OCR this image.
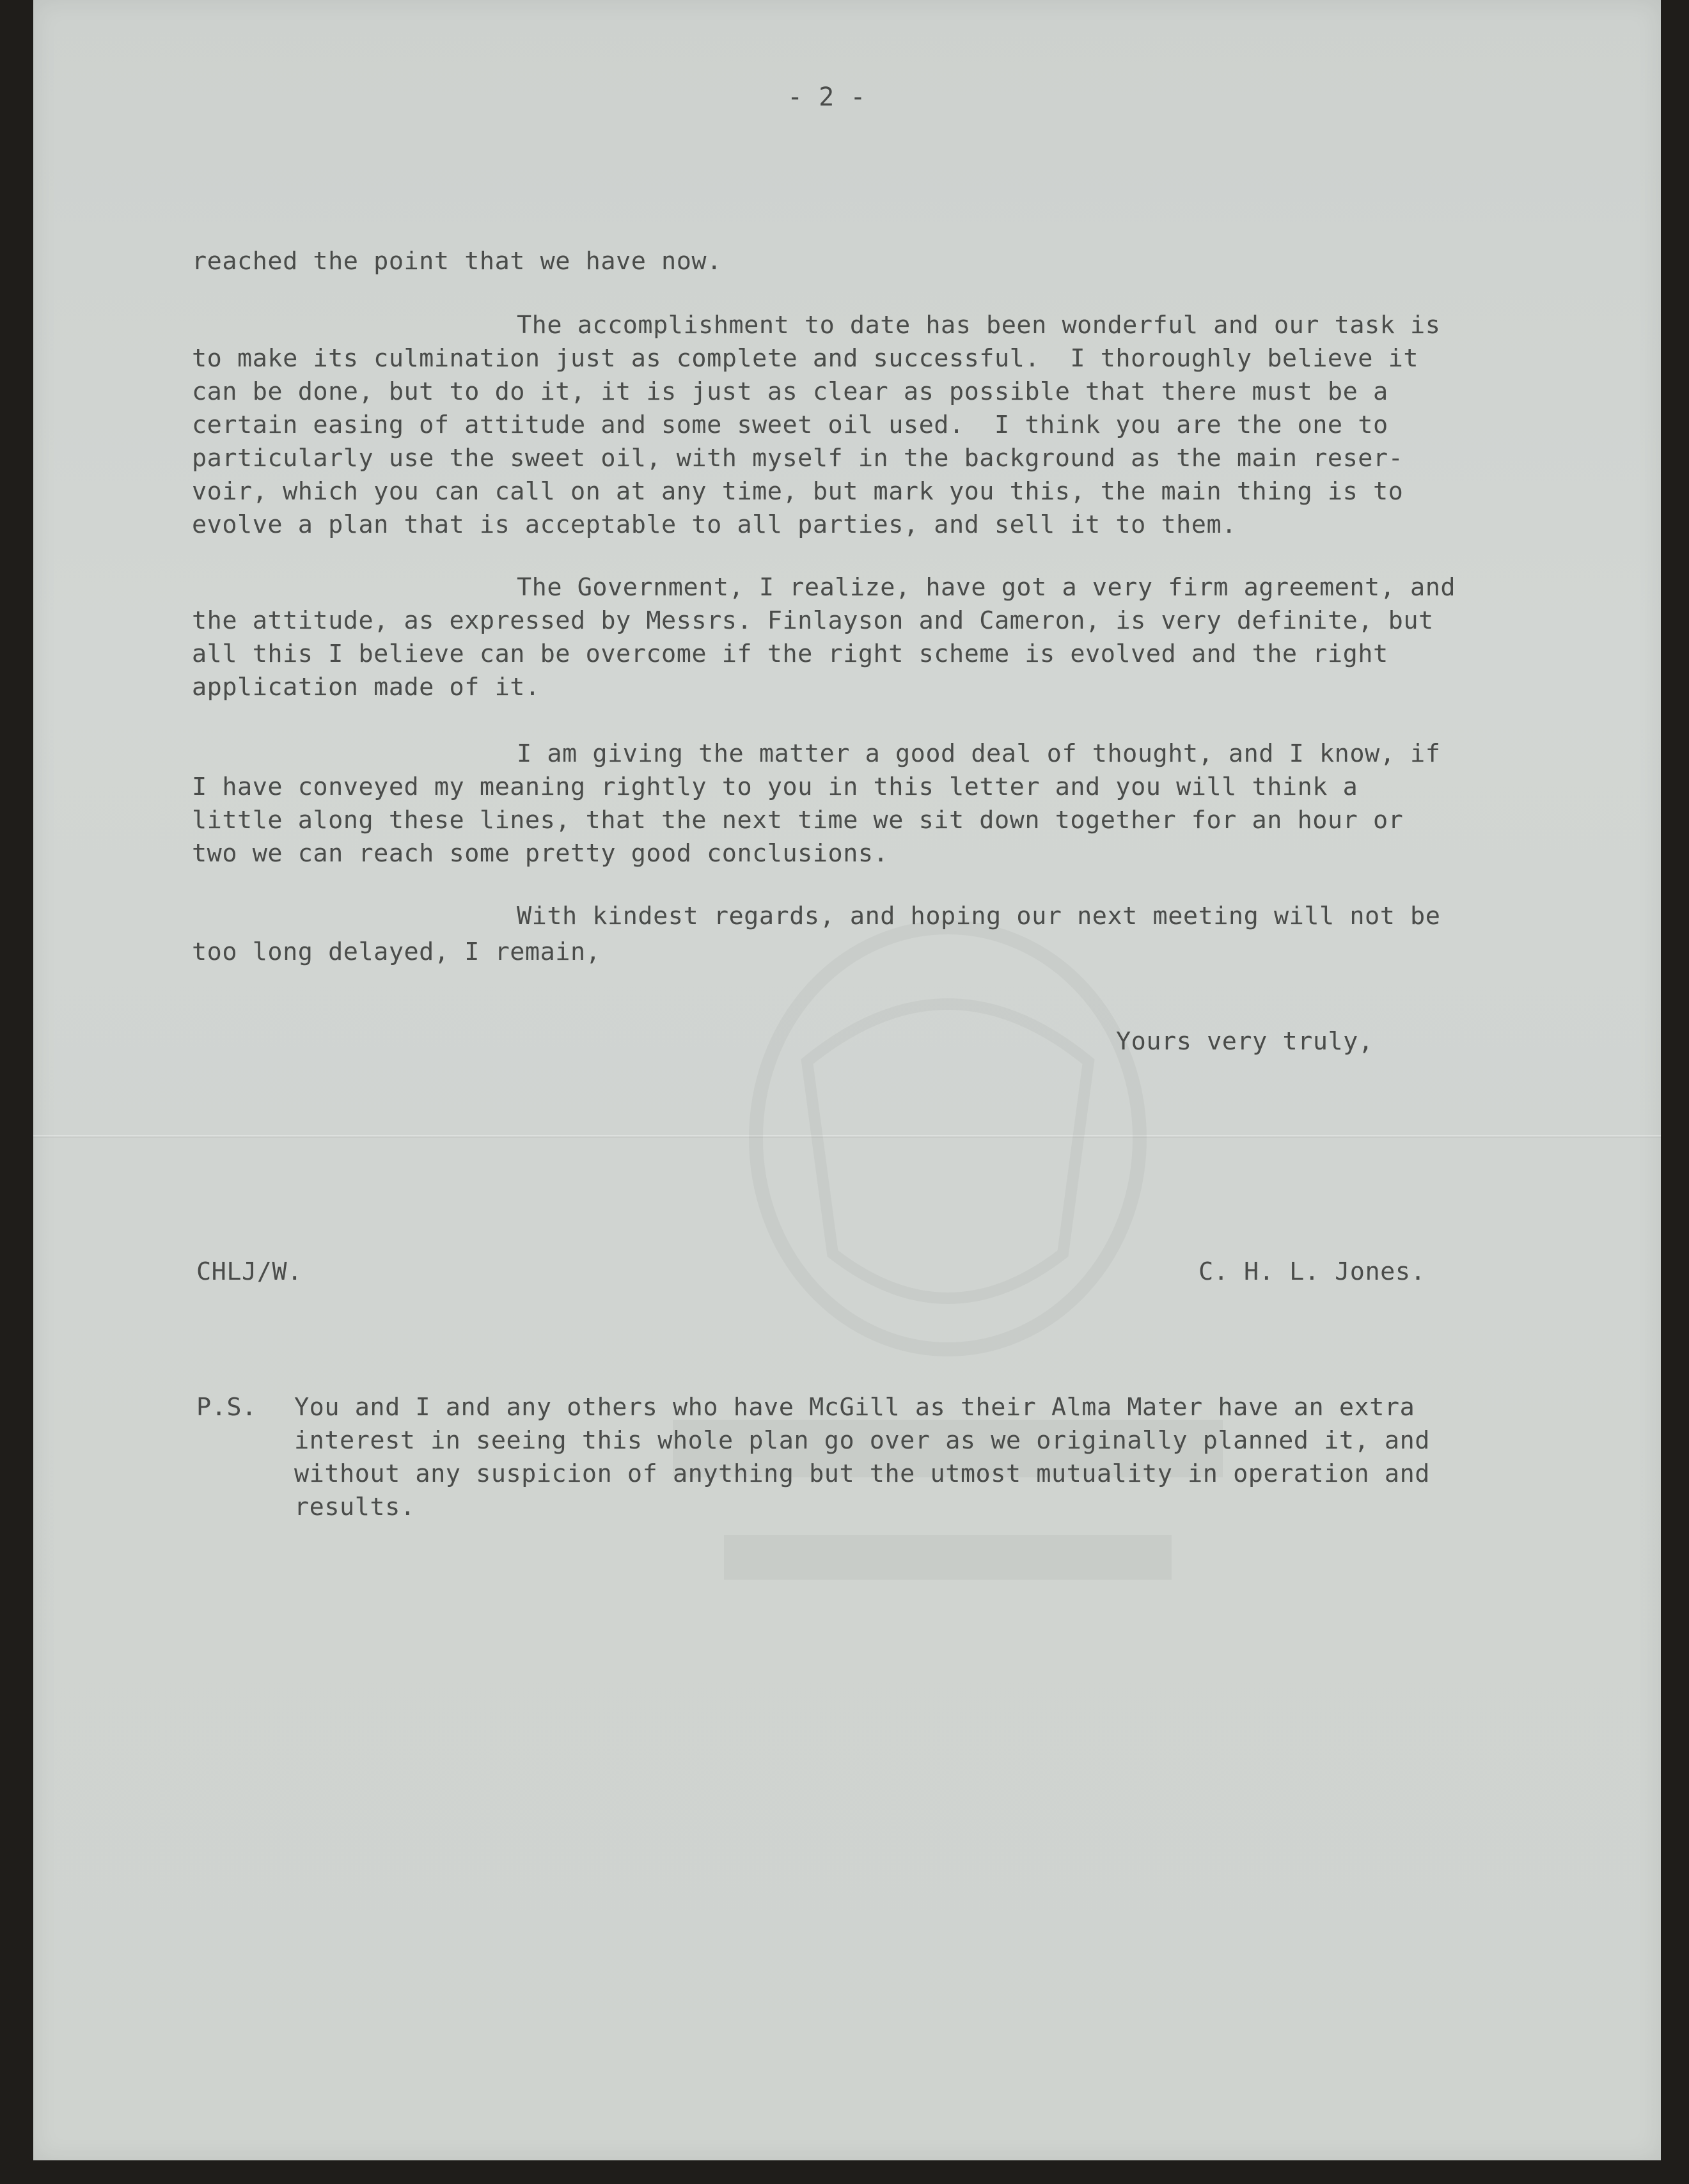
- 2 -
reached the point that we have now.
The accomplishment to date has been wonderful and our task is
to make its culmination just as complete and successful.  I thoroughly believe it
can be done, but to do it, it is just as clear as possible that there must be a
certain easing of attitude and some sweet oil used.  I think you are the one to
particularly use the sweet oil, with myself in the background as the main reser-
voir, which you can call on at any time, but mark you this, the main thing is to
evolve a plan that is acceptable to all parties, and sell it to them.
The Government, I realize, have got a very firm agreement, and
the attitude, as expressed by Messrs. Finlayson and Cameron, is very definite, but
all this I believe can be overcome if the right scheme is evolved and the right
application made of it.
I am giving the matter a good deal of thought, and I know, if
I have conveyed my meaning rightly to you in this letter and you will think a
little along these lines, that the next time we sit down together for an hour or
two we can reach some pretty good conclusions.
With kindest regards, and hoping our next meeting will not be
too long delayed, I remain,
Yours very truly,
CHLJ/W.	C. H. L. Jones.
P.S. You and I and any others who have McGill as their Alma Mater have an extra
interest in seeing this whole plan go over as we originally planned it, and
without any suspicion of anything but the utmost mutuality in operation and
results.
